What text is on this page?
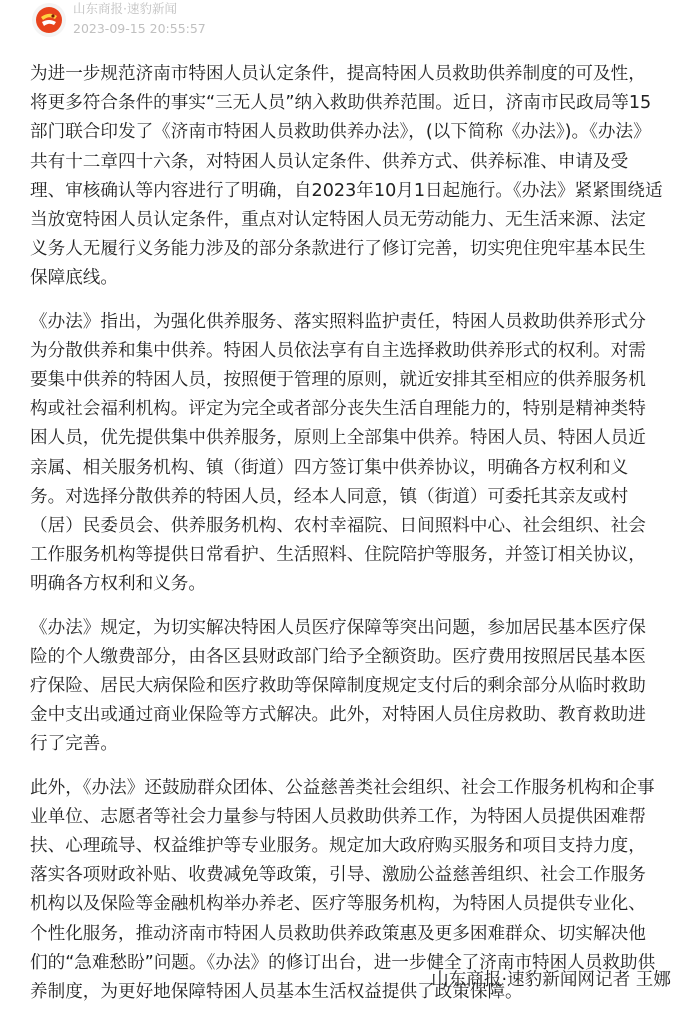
山东商报·速豹新闻
2023-09-15 20:55:57

为进一步规范济南市特困人员认定条件，提高特困人员救助供养制度的可及性，将更多符合条件的事实“三无人员”纳入救助供养范围。近日，济南市民政局等15部门联合印发了《济南市特困人员救助供养办法》，(以下简称《办法》)。《办法》共有十二章四十六条，对特困人员认定条件、供养方式、供养标准、申请及受理、审核确认等内容进行了明确，自2023年10月1日起施行。《办法》紧紧围绕适当放宽特困人员认定条件，重点对认定特困人员无劳动能力、无生活来源、法定义务人无履行义务能力涉及的部分条款进行了修订完善，切实兜住兜牢基本民生保障底线。

《办法》指出，为强化供养服务、落实照料监护责任，特困人员救助供养形式分为分散供养和集中供养。特困人员依法享有自主选择救助供养形式的权利。对需要集中供养的特困人员，按照便于管理的原则，就近安排其至相应的供养服务机构或社会福利机构。评定为完全或者部分丧失生活自理能力的，特别是精神类特困人员，优先提供集中供养服务，原则上全部集中供养。特困人员、特困人员近亲属、相关服务机构、镇（街道）四方签订集中供养协议，明确各方权利和义务。对选择分散供养的特困人员，经本人同意，镇（街道）可委托其亲友或村（居）民委员会、供养服务机构、农村幸福院、日间照料中心、社会组织、社会工作服务机构等提供日常看护、生活照料、住院陪护等服务，并签订相关协议，明确各方权利和义务。

《办法》规定，为切实解决特困人员医疗保障等突出问题，参加居民基本医疗保险的个人缴费部分，由各区县财政部门给予全额资助。医疗费用按照居民基本医疗保险、居民大病保险和医疗救助等保障制度规定支付后的剩余部分从临时救助金中支出或通过商业保险等方式解决。此外，对特困人员住房救助、教育救助进行了完善。

此外，《办法》还鼓励群众团体、公益慈善类社会组织、社会工作服务机构和企事业单位、志愿者等社会力量参与特困人员救助供养工作，为特困人员提供困难帮扶、心理疏导、权益维护等专业服务。规定加大政府购买服务和项目支持力度，落实各项财政补贴、收费减免等政策，引导、激励公益慈善组织、社会工作服务机构以及保险等金融机构举办养老、医疗等服务机构，为特困人员提供专业化、个性化服务，推动济南市特困人员救助供养政策惠及更多困难群众、切实解决他们的“急难愁盼”问题。《办法》的修订出台，进一步健全了济南市特困人员救助供养制度，为更好地保障特困人员基本生活权益提供了政策保障。

山东商报·速豹新闻网记者 王娜
